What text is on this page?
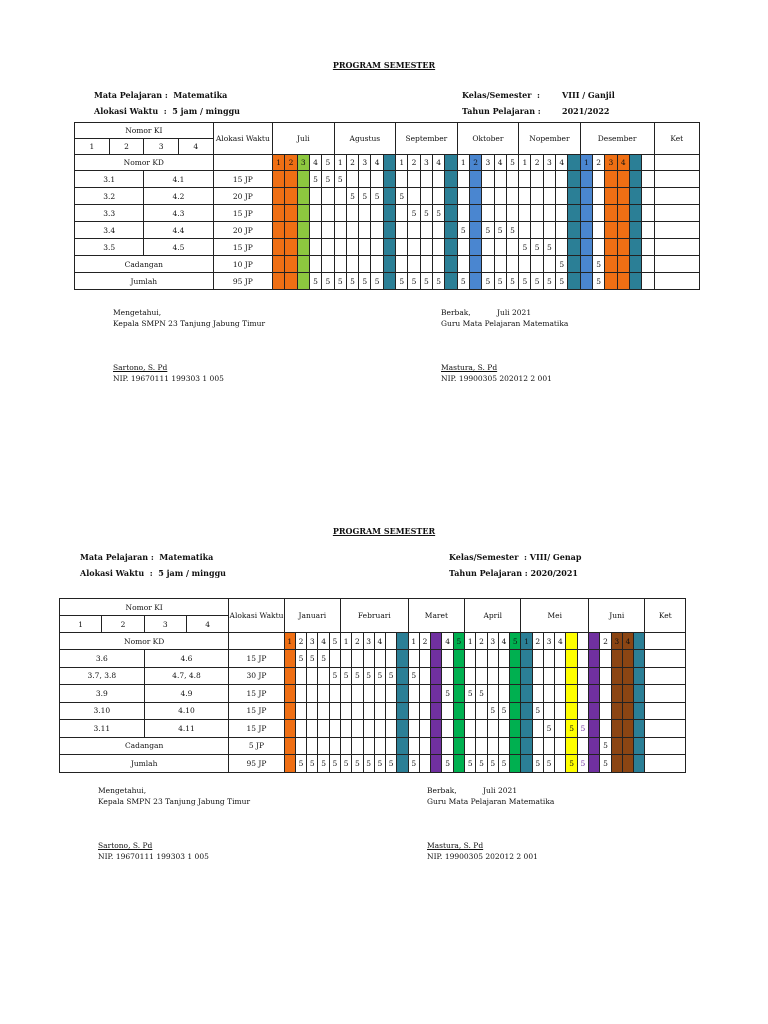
PROGRAM SEMESTER
Mata Pelajaran :  Matematika
Alokasi Waktu  :  5 jam / minggu
Kelas/Semester  :	VIII / Ganjil
Tahun Pelajaran :	2021/2022
Nomor KI				Alokasi Waktu	Juli					Agustus					September					Oktober					Nopember					Desember						Ket
1	2	3	4																																	
Nomor KD					1	2	3	4	5	1	2	3	4		1	2	3	4		1	2	3	4	5	1	2	3	4		1	2	3	4			
3.1		4.1		15 JP				5	5	5																										
3.2		4.2		20 JP							5	5	5		5																					
3.3		4.3		15 JP												5	5	5																		
3.4		4.4		20 JP																5		5	5	5												
3.5		4.5		15 JP																					5	5	5									
Cadangan				10 JP																								5			5					
Jumlah				95 JP				5	5	5	5	5	5		5	5	5	5		5		5	5	5	5	5	5	5			5					
Mengetahui,
Kepala SMPN 23 Tanjung Jabung Timur
Sartono, S. Pd
NIP. 19670111 199303 1 005
Berbak,	Juli 2021
Guru Mata Pelajaran Matematika
Mastura, S. Pd
NIP. 19900305 202012 2 001
PROGRAM SEMESTER
Mata Pelajaran :  Matematika
Alokasi Waktu  :  5 jam / minggu
Kelas/Semester  : VIII/ Genap
Tahun Pelajaran : 2020/2021
Nomor KI				Alokasi Waktu	Januari					Februari						Maret					April					Mei						Juni					Ket
1	2	3	4																																		
Nomor KD					1	2	3	4	5	1	2	3	4			1	2	3	4	5	1	2	3	4	5	1	2	3	4			1	2	3	4		
3.6		4.6		15 JP		5	5	5																													
3.7, 3.8		4.7, 4.8		30 JP					5	5	5	5	5	5		5																					
3.9		4.9		15 JP															5		5	5															
3.10		4.10		15 JP																			5	5			5										
3.11		4.11		15 JP																								5		5	5						
Cadangan				5 JP																													5				
Jumlah				95 JP		5	5	5	5	5	5	5	5	5		5			5		5	5	5	5			5	5		5	5		5				
Mengetahui,
Kepala SMPN 23 Tanjung Jabung Timur
Sartono, S. Pd
NIP. 19670111 199303 1 005
Berbak,	Juli 2021
Guru Mata Pelajaran Matematika
Mastura, S. Pd
NIP. 19900305 202012 2 001
